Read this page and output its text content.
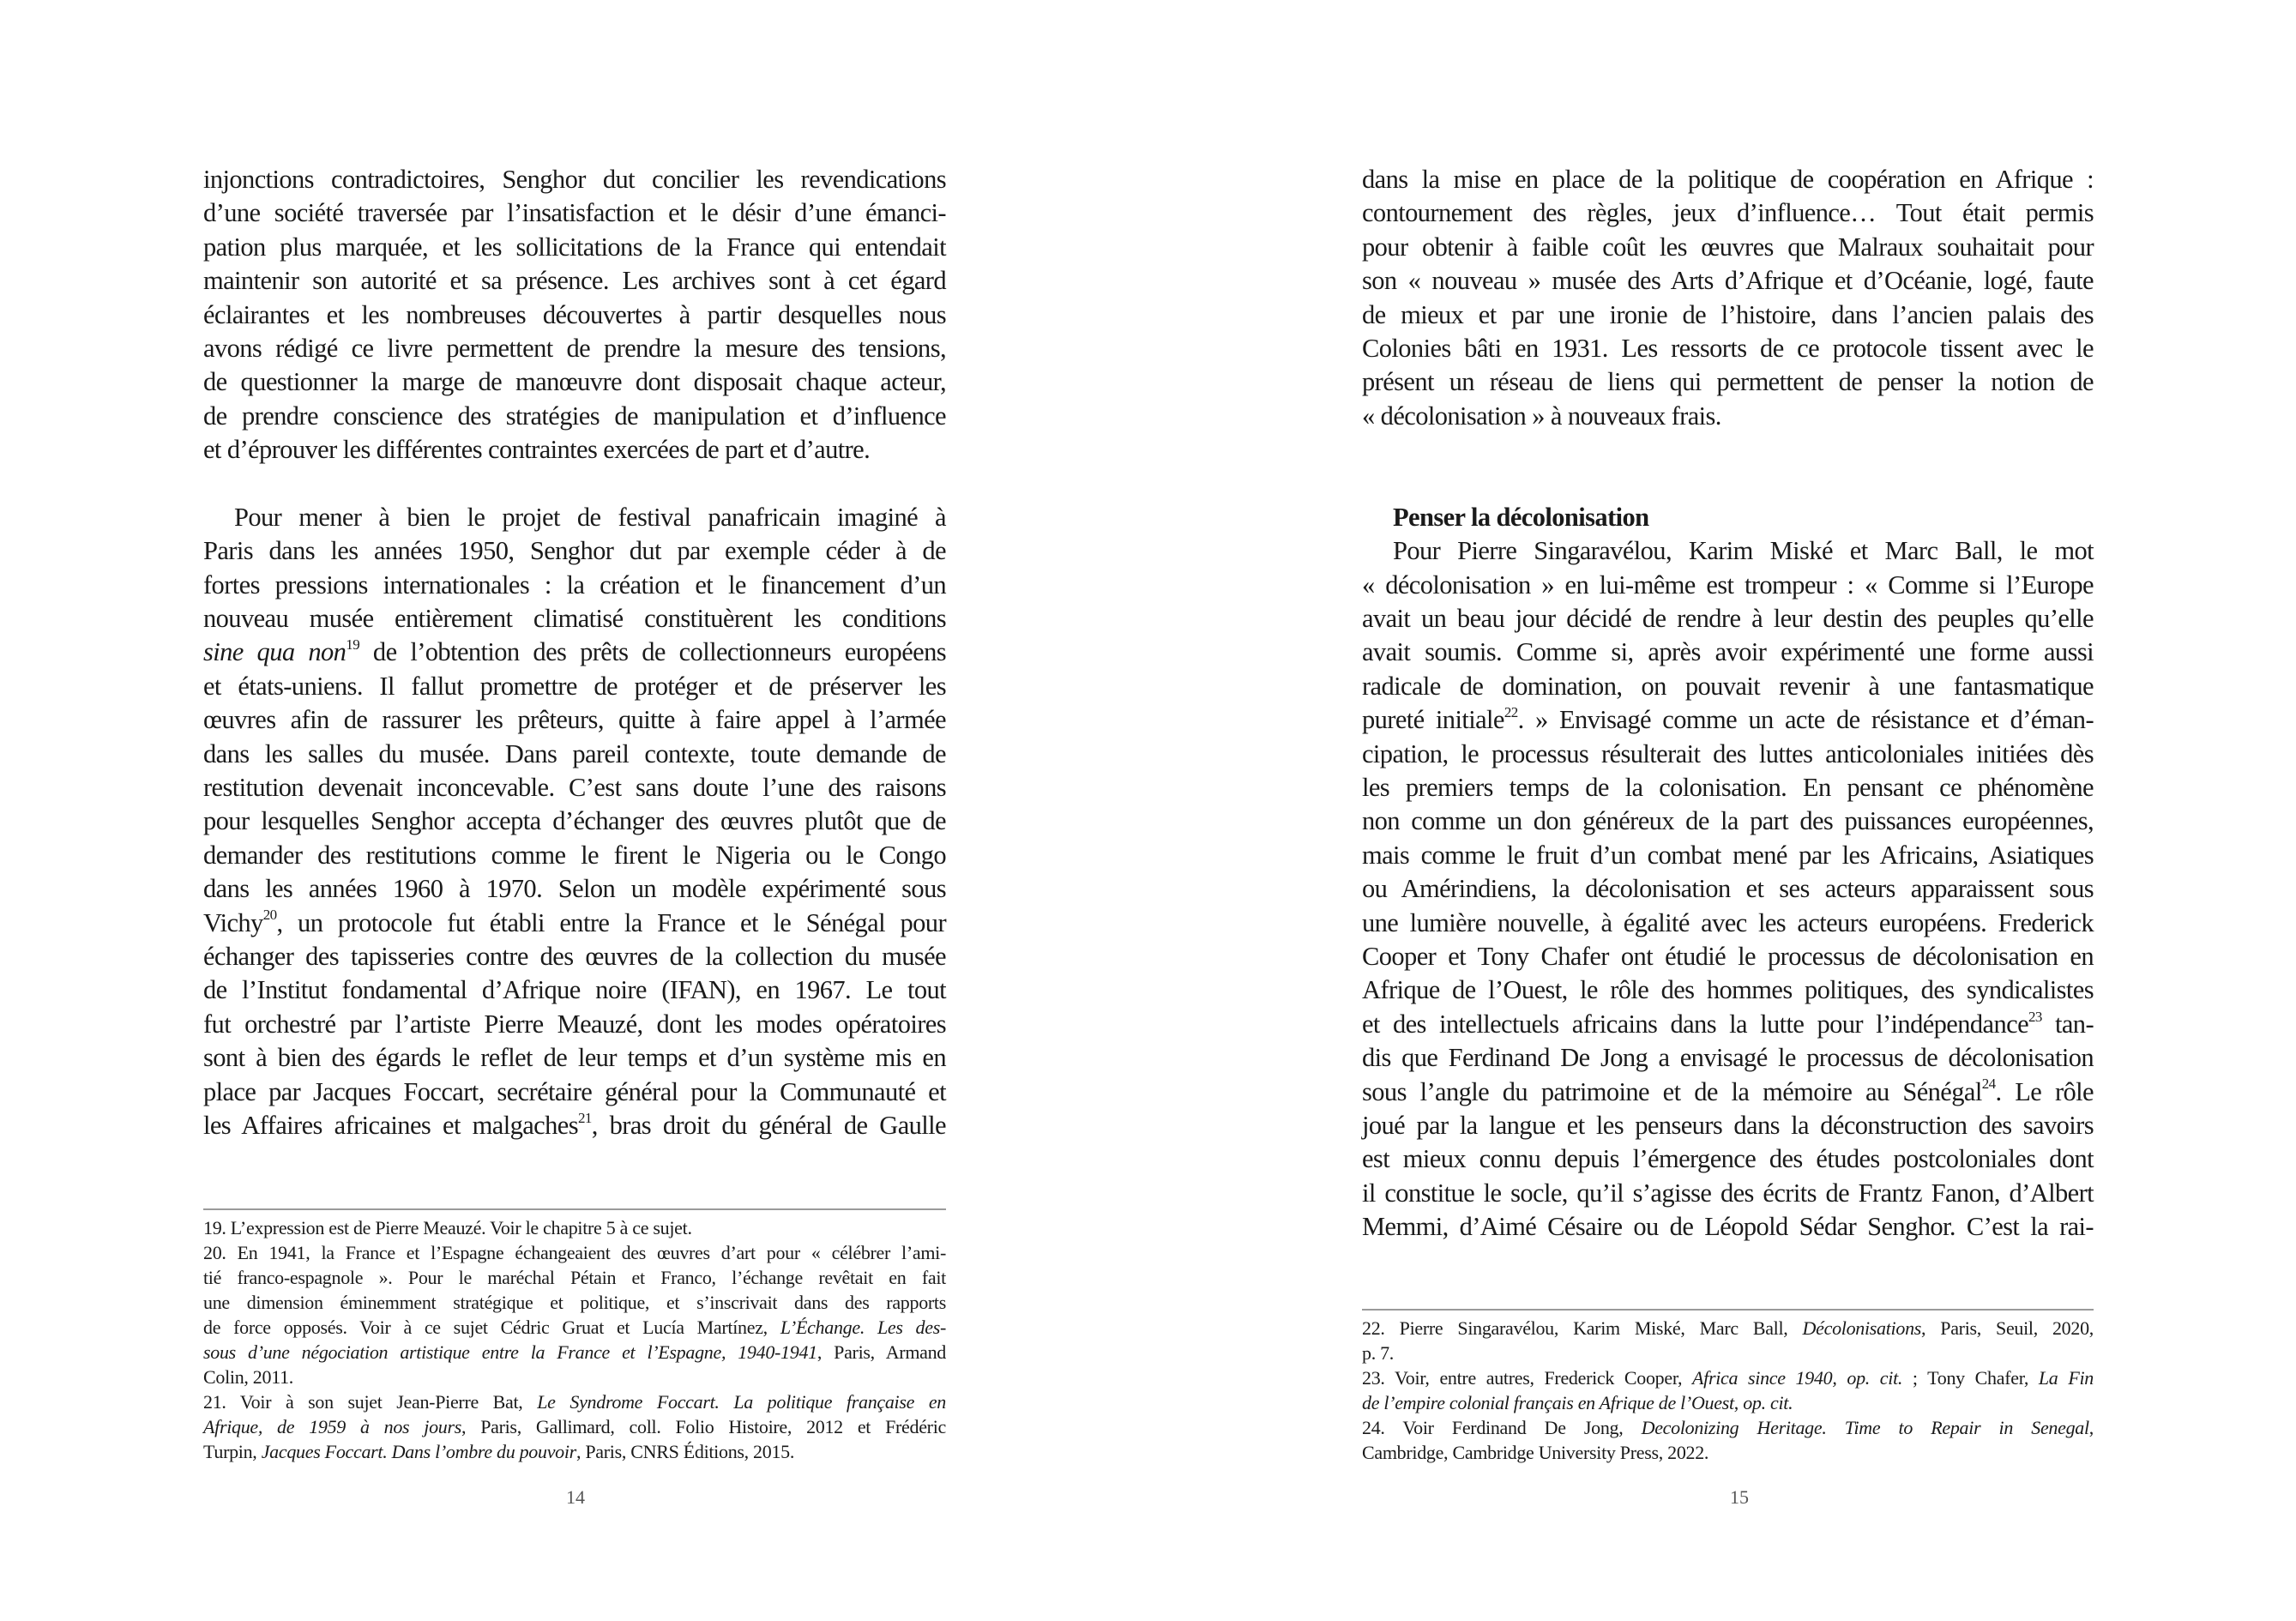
injonctions contradictoires, Senghor dut concilier les revendications
d’une société traversée par l’insatisfaction et le désir d’une émanci-
pation plus marquée, et les sollicitations de la France qui entendait
maintenir son autorité et sa présence. Les archives sont à cet égard
éclairantes et les nombreuses découvertes à partir desquelles nous
avons rédigé ce livre permettent de prendre la mesure des tensions,
de questionner la marge de manœuvre dont disposait chaque acteur,
de prendre conscience des stratégies de manipulation et d’influence
et d’éprouver les différentes contraintes exercées de part et d’autre.
Pour mener à bien le projet de festival panafricain imaginé à
Paris dans les années 1950, Senghor dut par exemple céder à de
fortes pressions internationales : la création et le financement d’un
nouveau musée entièrement climatisé constituèrent les conditions
sine qua non$^{19}$ de l’obtention des prêts de collectionneurs européens
et états-uniens. Il fallut promettre de protéger et de préserver les
œuvres afin de rassurer les prêteurs, quitte à faire appel à l’armée
dans les salles du musée. Dans pareil contexte, toute demande de
restitution devenait inconcevable. C’est sans doute l’une des raisons
pour lesquelles Senghor accepta d’échanger des œuvres plutôt que de
demander des restitutions comme le firent le Nigeria ou le Congo
dans les années 1960 à 1970. Selon un modèle expérimenté sous
Vichy$^{20}$, un protocole fut établi entre la France et le Sénégal pour
échanger des tapisseries contre des œuvres de la collection du musée
de l’Institut fondamental d’Afrique noire (IFAN), en 1967. Le tout
fut orchestré par l’artiste Pierre Meauzé, dont les modes opératoires
sont à bien des égards le reflet de leur temps et d’un système mis en
place par Jacques Foccart, secrétaire général pour la Communauté et
les Affaires africaines et malgaches$^{21}$, bras droit du général de Gaulle
19. L’expression est de Pierre Meauzé. Voir le chapitre 5 à ce sujet.
20. En 1941, la France et l’Espagne échangeaient des œuvres d’art pour « célébrer l’ami-
tié franco-espagnole ». Pour le maréchal Pétain et Franco, l’échange revêtait en fait
une dimension éminemment stratégique et politique, et s’inscrivait dans des rapports
de force opposés. Voir à ce sujet Cédric Gruat et Lucía Martínez, L’Échange. Les des-
sous d’une négociation artistique entre la France et l’Espagne, 1940-1941, Paris, Armand
Colin, 2011.
21. Voir à son sujet Jean-Pierre Bat, Le Syndrome Foccart. La politique française en
Afrique, de 1959 à nos jours, Paris, Gallimard, coll. Folio Histoire, 2012 et Frédéric
Turpin, Jacques Foccart. Dans l’ombre du pouvoir, Paris, CNRS Éditions, 2015.
14
dans la mise en place de la politique de coopération en Afrique :
contournement des règles, jeux d’influence… Tout était permis
pour obtenir à faible coût les œuvres que Malraux souhaitait pour
son « nouveau » musée des Arts d’Afrique et d’Océanie, logé, faute
de mieux et par une ironie de l’histoire, dans l’ancien palais des
Colonies bâti en 1931. Les ressorts de ce protocole tissent avec le
présent un réseau de liens qui permettent de penser la notion de
« décolonisation » à nouveaux frais.
Penser la décolonisation
Pour Pierre Singaravélou, Karim Miské et Marc Ball, le mot
« décolonisation » en lui-même est trompeur : « Comme si l’Europe
avait un beau jour décidé de rendre à leur destin des peuples qu’elle
avait soumis. Comme si, après avoir expérimenté une forme aussi
radicale de domination, on pouvait revenir à une fantasmatique
pureté initiale$^{22}$. » Envisagé comme un acte de résistance et d’éman-
cipation, le processus résulterait des luttes anticoloniales initiées dès
les premiers temps de la colonisation. En pensant ce phénomène
non comme un don généreux de la part des puissances européennes,
mais comme le fruit d’un combat mené par les Africains, Asiatiques
ou Amérindiens, la décolonisation et ses acteurs apparaissent sous
une lumière nouvelle, à égalité avec les acteurs européens. Frederick
Cooper et Tony Chafer ont étudié le processus de décolonisation en
Afrique de l’Ouest, le rôle des hommes politiques, des syndicalistes
et des intellectuels africains dans la lutte pour l’indépendance$^{23}$ tan-
dis que Ferdinand De Jong a envisagé le processus de décolonisation
sous l’angle du patrimoine et de la mémoire au Sénégal$^{24}$. Le rôle
joué par la langue et les penseurs dans la déconstruction des savoirs
est mieux connu depuis l’émergence des études postcoloniales dont
il constitue le socle, qu’il s’agisse des écrits de Frantz Fanon, d’Albert
Memmi, d’Aimé Césaire ou de Léopold Sédar Senghor. C’est la rai-
22. Pierre Singaravélou, Karim Miské, Marc Ball, Décolonisations, Paris, Seuil, 2020,
p. 7.
23. Voir, entre autres, Frederick Cooper, Africa since 1940, op. cit. ; Tony Chafer, La Fin
de l’empire colonial français en Afrique de l’Ouest, op. cit.
24. Voir Ferdinand De Jong, Decolonizing Heritage. Time to Repair in Senegal,
Cambridge, Cambridge University Press, 2022.
15
